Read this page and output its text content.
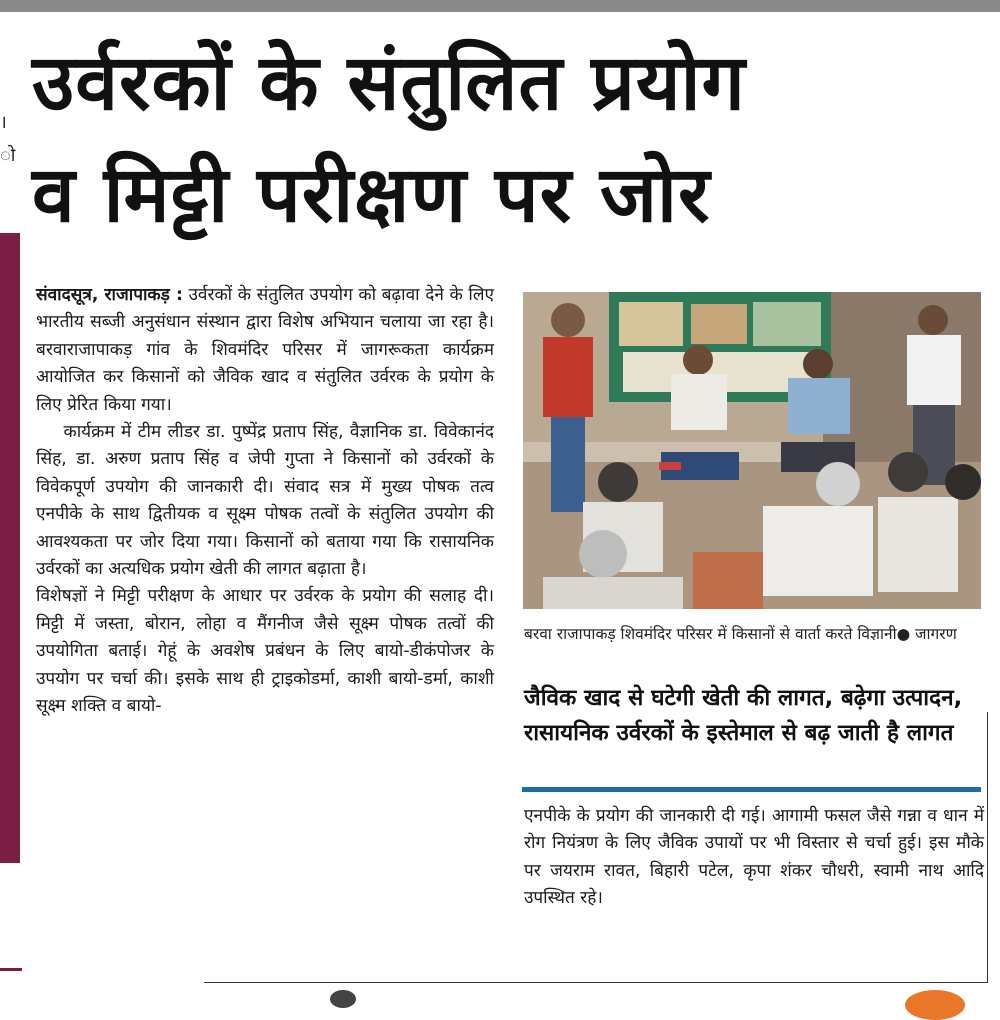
।
ो
उर्वरकों के संतुलित प्रयोग
व मिट्टी परीक्षण पर जोर

संवादसूत्र, राजापाकड़ : उर्वरकों के संतुलित उपयोग को बढ़ावा देने के लिए भारतीय सब्जी अनुसंधान संस्थान द्वारा विशेष अभियान चलाया जा रहा है। बरवाराजापाकड़ गांव के शिवमंदिर परिसर में जागरूकता कार्यक्रम आयोजित कर किसानों को जैविक खाद व संतुलित उर्वरक के प्रयोग के लिए प्रेरित किया गया।

कार्यक्रम में टीम लीडर डा. पुष्पेंद्र प्रताप सिंह, वैज्ञानिक डा. विवेकानंद सिंह, डा. अरुण प्रताप सिंह व जेपी गुप्ता ने किसानों को उर्वरकों के विवेकपूर्ण उपयोग की जानकारी दी। संवाद सत्र में मुख्य पोषक तत्व एनपीके के साथ द्वितीयक व सूक्ष्म पोषक तत्वों के संतुलित उपयोग की आवश्यकता पर जोर दिया गया। किसानों को बताया गया कि रासायनिक उर्वरकों का अत्यधिक प्रयोग खेती की लागत बढ़ाता है।

विशेषज्ञों ने मिट्टी परीक्षण के आधार पर उर्वरक के प्रयोग की सलाह दी। मिट्टी में जस्ता, बोरान, लोहा व मैंगनीज जैसे सूक्ष्म पोषक तत्वों की उपयोगिता बताई। गेहूं के अवशेष प्रबंधन के लिए बायो-डीकंपोजर के उपयोग पर चर्चा की। इसके साथ ही ट्राइकोडर्मा, काशी बायो-डर्मा, काशी सूक्ष्म शक्ति व बायो-

बरवा राजापाकड़ शिवमंदिर परिसर में किसानों से वार्ता करते विज्ञानी● जागरण
जैविक खाद से घटेगी खेती की लागत, बढ़ेगा उत्पादन, रासायनिक उर्वरकों के इस्तेमाल से बढ़ जाती है लागत
एनपीके के प्रयोग की जानकारी दी गई। आगामी फसल जैसे गन्ना व धान में रोग नियंत्रण के लिए जैविक उपायों पर भी विस्तार से चर्चा हुई। इस मौके पर जयराम रावत, बिहारी पटेल, कृपा शंकर चौधरी, स्वामी नाथ आदि उपस्थित रहे।
